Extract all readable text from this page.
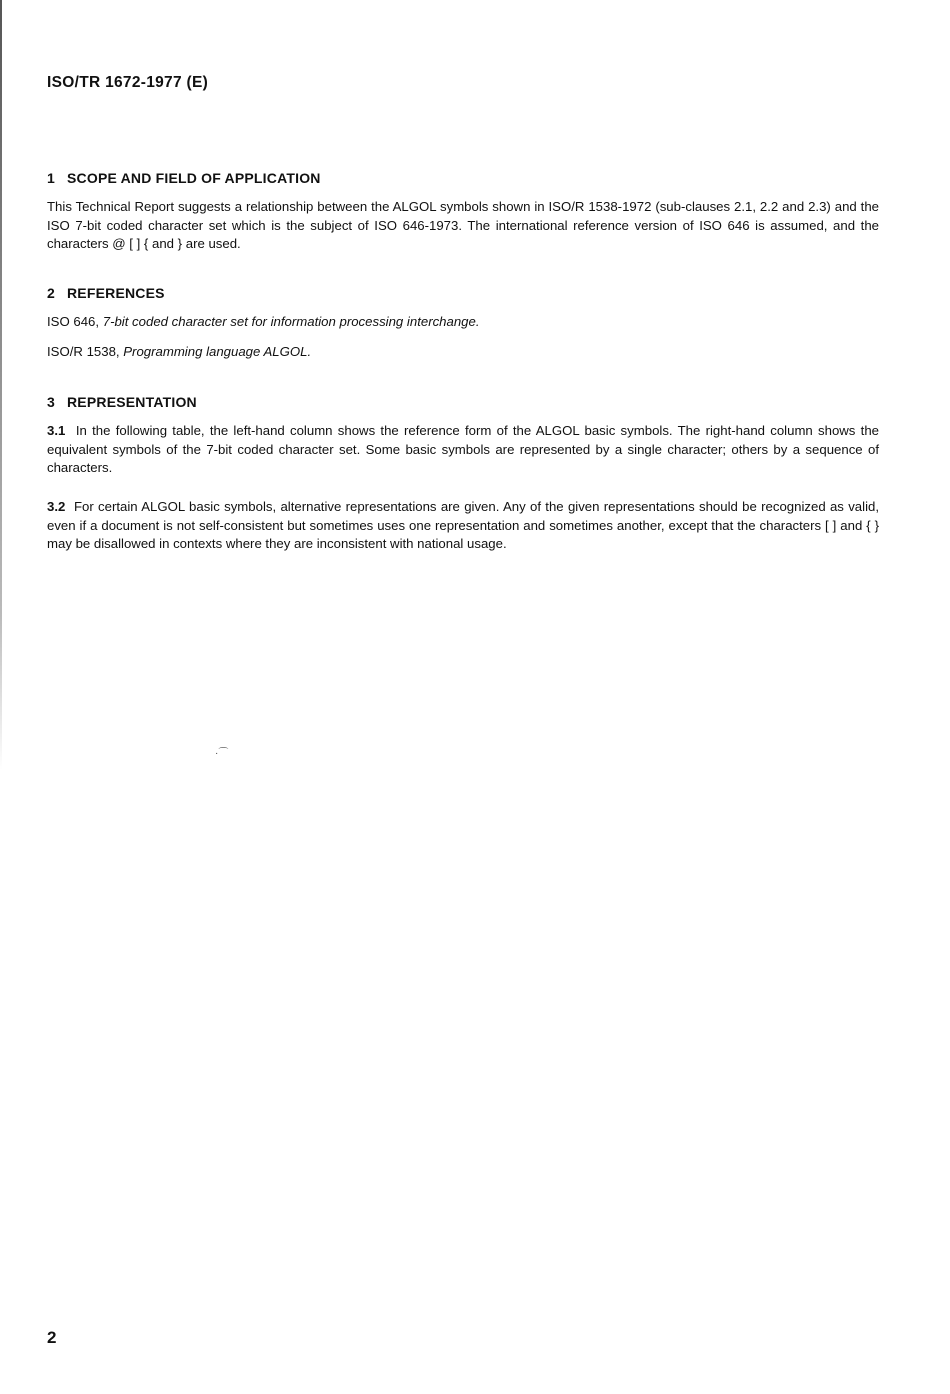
ISO/TR 1672-1977 (E)
1 SCOPE AND FIELD OF APPLICATION
This Technical Report suggests a relationship between the ALGOL symbols shown in ISO/R 1538-1972 (sub-clauses 2.1, 2.2 and 2.3) and the ISO 7-bit coded character set which is the subject of ISO 646-1973. The international reference version of ISO 646 is assumed, and the characters @ [ ] { and } are used.
2 REFERENCES
ISO 646, 7-bit coded character set for information processing interchange.
ISO/R 1538, Programming language ALGOL.
3 REPRESENTATION
3.1 In the following table, the left-hand column shows the reference form of the ALGOL basic symbols. The right-hand column shows the equivalent symbols of the 7-bit coded character set. Some basic symbols are represented by a single character; others by a sequence of characters.
3.2 For certain ALGOL basic symbols, alternative representations are given. Any of the given representations should be recognized as valid, even if a document is not self-consistent but sometimes uses one representation and sometimes another, except that the characters [ ] and { } may be disallowed in contexts where they are inconsistent with national usage.
·⌒
2
